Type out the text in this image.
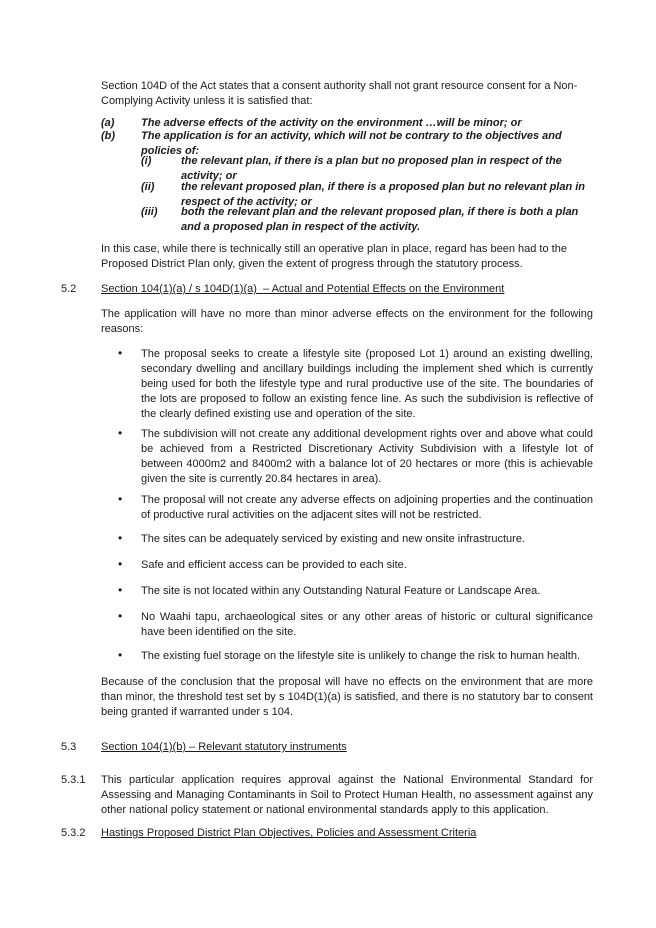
Section 104D of the Act states that a consent authority shall not grant resource consent for a Non-Complying Activity unless it is satisfied that:
(a) The adverse effects of the activity on the environment …will be minor; or
(b) The application is for an activity, which will not be contrary to the objectives and policies of:
(i)	the relevant plan, if there is a plan but no proposed plan in respect of the activity; or
(ii) the relevant proposed plan, if there is a proposed plan but no relevant plan in respect of the activity; or
(iii) both the relevant plan and the relevant proposed plan, if there is both a plan and a proposed plan in respect of the activity.
In this case, while there is technically still an operative plan in place, regard has been had to the Proposed District Plan only, given the extent of progress through the statutory process.
5.2 Section 104(1)(a) / s 104D(1)(a)  – Actual and Potential Effects on the Environment
The application will have no more than minor adverse effects on the environment for the following reasons:
• The proposal seeks to create a lifestyle site (proposed Lot 1) around an existing dwelling, secondary dwelling and ancillary buildings including the implement shed which is currently being used for both the lifestyle type and rural productive use of the site. The boundaries of the lots are proposed to follow an existing fence line. As such the subdivision is reflective of the clearly defined existing use and operation of the site.
• The subdivision will not create any additional development rights over and above what could be achieved from a Restricted Discretionary Activity Subdivision with a lifestyle lot of between 4000m2 and 8400m2 with a balance lot of 20 hectares or more (this is achievable given the site is currently 20.84 hectares in area).
• The proposal will not create any adverse effects on adjoining properties and the continuation of productive rural activities on the adjacent sites will not be restricted.
• The sites can be adequately serviced by existing and new onsite infrastructure.
• Safe and efficient access can be provided to each site.
• The site is not located within any Outstanding Natural Feature or Landscape Area.
• No Waahi tapu, archaeological sites or any other areas of historic or cultural significance have been identified on the site.
• The existing fuel storage on the lifestyle site is unlikely to change the risk to human health.
Because of the conclusion that the proposal will have no effects on the environment that are more than minor, the threshold test set by s 104D(1)(a) is satisfied, and there is no statutory bar to consent being granted if warranted under s 104.
5.3 Section 104(1)(b) – Relevant statutory instruments
5.3.1 This particular application requires approval against the National Environmental Standard for Assessing and Managing Contaminants in Soil to Protect Human Health, no assessment against any other national policy statement or national environmental standards apply to this application.
5.3.2 Hastings Proposed District Plan Objectives, Policies and Assessment Criteria
